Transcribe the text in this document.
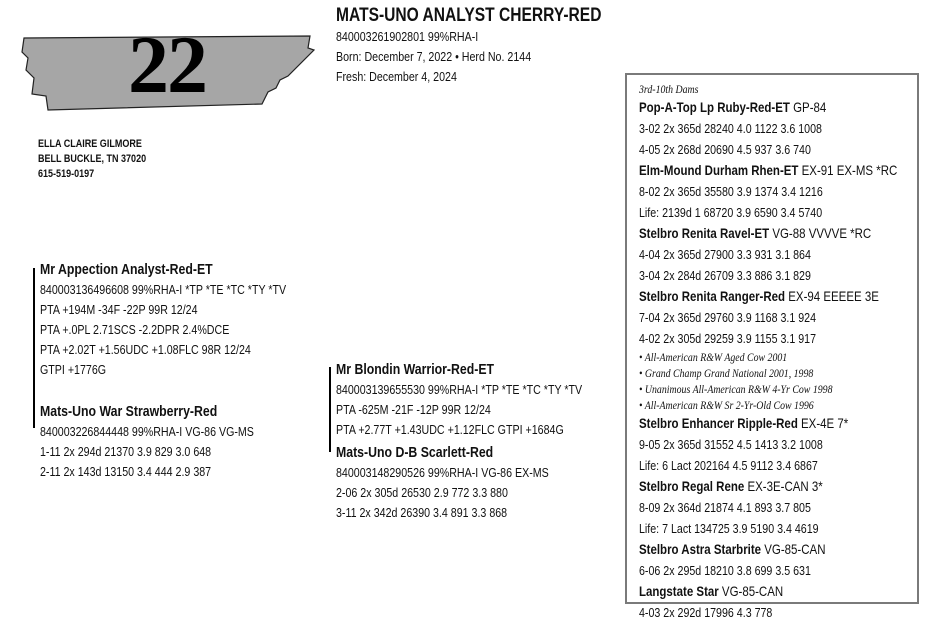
22
MATS-UNO ANALYST CHERRY-RED
840003261902801 99%RHA-I
Born: December 7, 2022 • Herd No. 2144
Fresh: December 4, 2024
ELLA CLAIRE GILMORE
BELL BUCKLE, TN 37020
615-519-0197
Mr Appection Analyst-Red-ET
840003136496608 99%RHA-I *TP *TE *TC *TY *TV
PTA +194M -34F -22P 99R 12/24
PTA +.0PL 2.71SCS -2.2DPR 2.4%DCE
PTA +2.02T +1.56UDC +1.08FLC 98R 12/24
GTPI +1776G
Mats-Uno War Strawberry-Red
840003226844448 99%RHA-I VG-86 VG-MS
1-11 2x 294d 21370 3.9 829 3.0 648
2-11 2x 143d 13150 3.4 444 2.9 387
Mr Blondin Warrior-Red-ET
840003139655530 99%RHA-I *TP *TE *TC *TY *TV
PTA -625M -21F -12P 99R 12/24
PTA +2.77T +1.43UDC +1.12FLC GTPI +1684G
Mats-Uno D-B Scarlett-Red
840003148290526 99%RHA-I VG-86 EX-MS
2-06 2x 305d 26530 2.9 772 3.3 880
3-11 2x 342d 26390 3.4 891 3.3 868
3rd-10th Dams
Pop-A-Top Lp Ruby-Red-ET GP-84
3-02 2x 365d 28240 4.0 1122 3.6 1008
4-05 2x 268d 20690 4.5 937 3.6 740
Elm-Mound Durham Rhen-ET EX-91 EX-MS *RC
8-02 2x 365d 35580 3.9 1374 3.4 1216
Life: 2139d 1 68720 3.9 6590 3.4 5740
Stelbro Renita Ravel-ET VG-88 VVVVE *RC
4-04 2x 365d 27900 3.3 931 3.1 864
3-04 2x 284d 26709 3.3 886 3.1 829
Stelbro Renita Ranger-Red EX-94 EEEEE 3E
7-04 2x 365d 29760 3.9 1168 3.1 924
4-02 2x 305d 29259 3.9 1155 3.1 917
• All-American R&W Aged Cow 2001
• Grand Champ Grand National 2001, 1998
• Unanimous All-American R&W 4-Yr Cow 1998
• All-American R&W Sr 2-Yr-Old Cow 1996
Stelbro Enhancer Ripple-Red EX-4E 7*
9-05 2x 365d 31552 4.5 1413 3.2 1008
Life: 6 Lact 202164 4.5 9112 3.4 6867
Stelbro Regal Rene EX-3E-CAN 3*
8-09 2x 364d 21874 4.1 893 3.7 805
Life: 7 Lact 134725 3.9 5190 3.4 4619
Stelbro Astra Starbrite VG-85-CAN
6-06 2x 295d 18210 3.8 699 3.5 631
Langstate Star VG-85-CAN
4-03 2x 292d 17996 4.3 778
